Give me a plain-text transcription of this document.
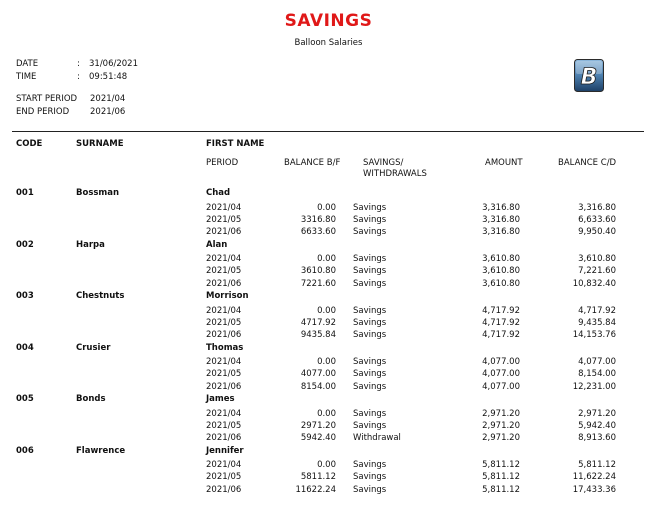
SAVINGS
Balloon Salaries
DATE	: 31/06/2021
TIME	: 09:51:48
START PERIOD 2021/04
END PERIOD 2021/06
B
CODE	SURNAME	FIRST NAME
PERIOD	BALANCE B/F	SAVINGS/
WITHDRAWALS
AMOUNT	BALANCE C/D
001	Bossman	Chad
2021/04	0.00 Savings	3,316.80	3,316.80
2021/05	3316.80 Savings	3,316.80	6,633.60
2021/06	6633.60 Savings	3,316.80	9,950.40
002	Harpa	Alan
2021/04	0.00 Savings	3,610.80	3,610.80
2021/05	3610.80 Savings	3,610.80	7,221.60
2021/06	7221.60 Savings	3,610.80	10,832.40
003	Chestnuts	Morrison
2021/04	0.00 Savings	4,717.92	4,717.92
2021/05	4717.92 Savings	4,717.92	9,435.84
2021/06	9435.84 Savings	4,717.92	14,153.76
004	Crusier	Thomas
2021/04	0.00 Savings	4,077.00	4,077.00
2021/05	4077.00 Savings	4,077.00	8,154.00
2021/06	8154.00 Savings	4,077.00	12,231.00
005	Bonds	James
2021/04	0.00 Savings	2,971.20	2,971.20
2021/05	2971.20 Savings	2,971.20	5,942.40
2021/06	5942.40 Withdrawal	2,971.20	8,913.60
006	Flawrence	Jennifer
2021/04	0.00 Savings	5,811.12	5,811.12
2021/05	5811.12 Savings	5,811.12	11,622.24
2021/06	11622.24 Savings	5,811.12	17,433.36
